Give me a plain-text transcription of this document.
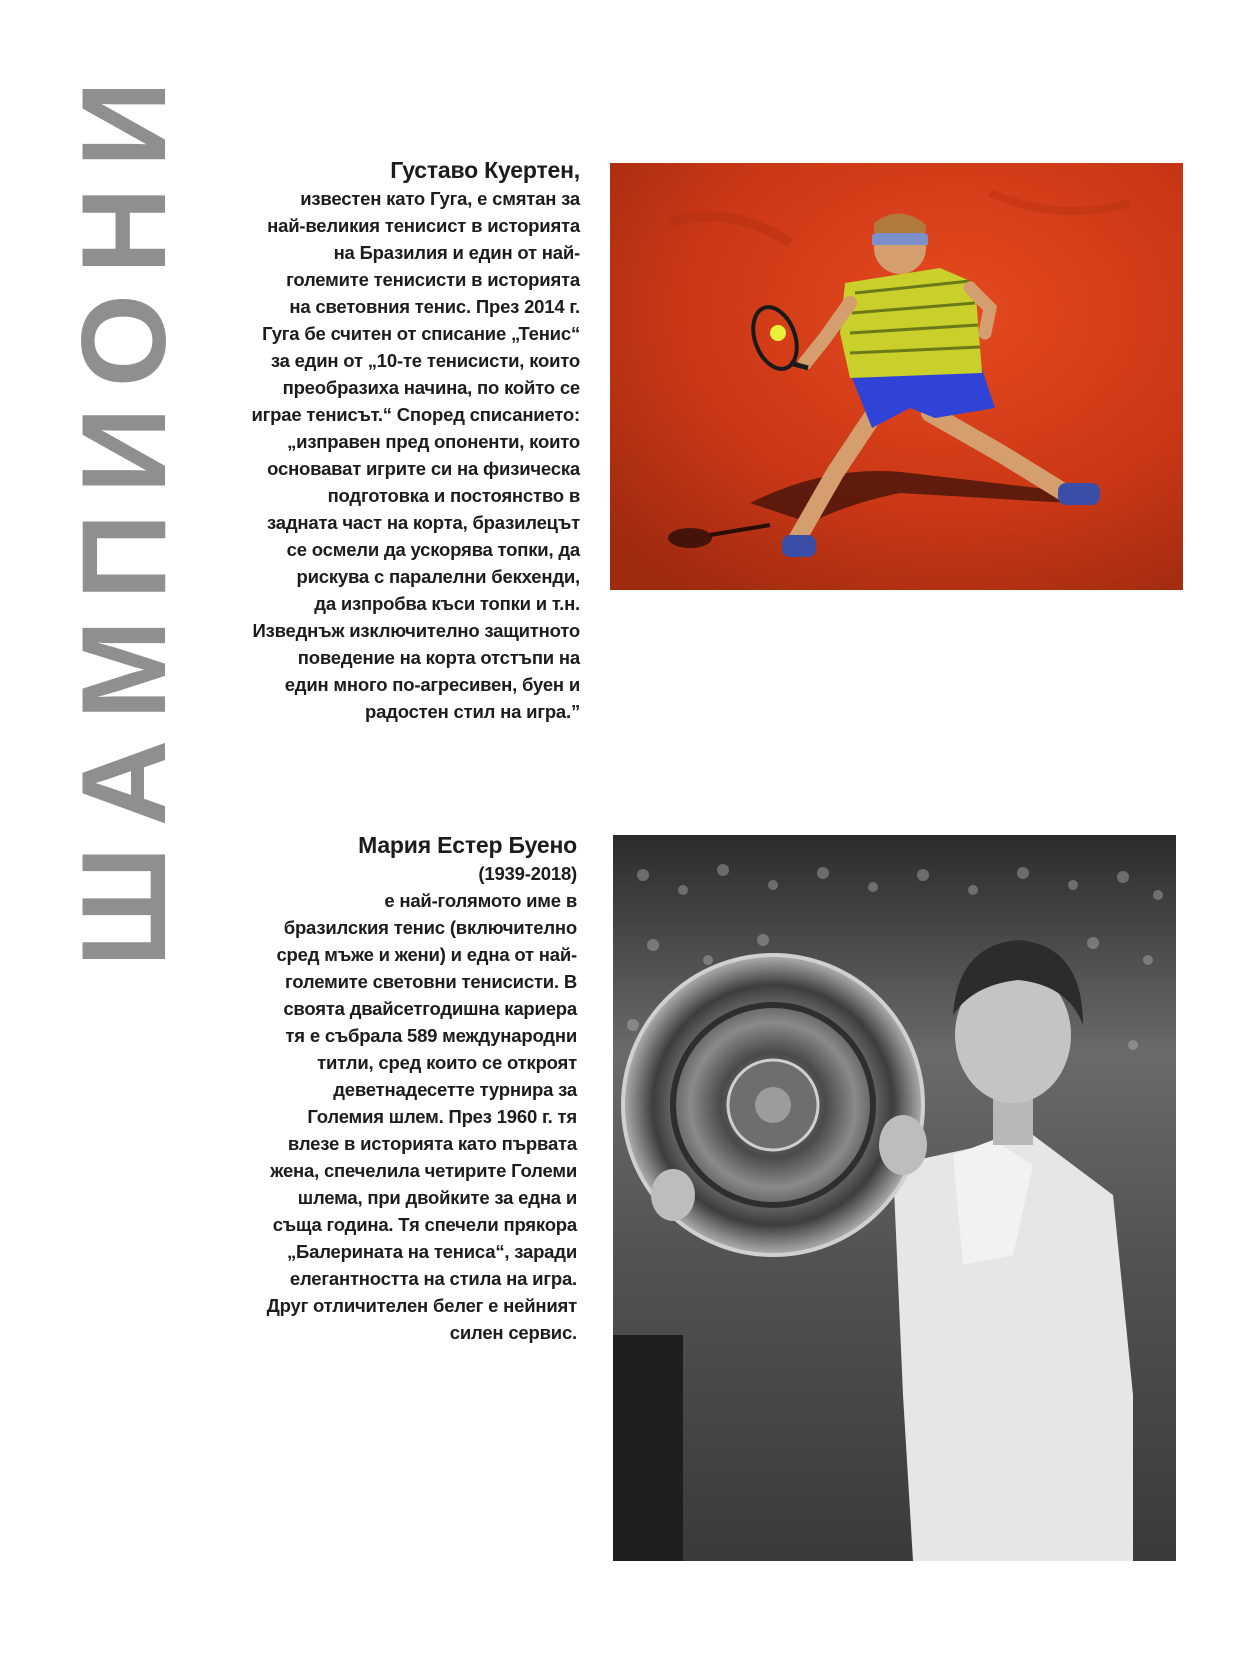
ШАМПИОНИ	Густаво Куертен,

известен като Гуга, е смятан за

най-великия тенисист в историята

на Бразилия и един от най-

големите тенисисти в историята

на световния тенис. През 2014 г.

Гуга бе считен от списание „Тенис“

за един от „10-те тенисисти, които

преобразиха начина, по който се

играе тенисът.“ Според списанието:

„изправен пред опоненти, които

основават игрите си на физическа

подготовка и постоянство в

задната част на корта, бразилецът

се осмели да ускорява топки, да

рискува с паралелни бекхенди,

да изпробва къси топки и т.н.

Изведнъж изключително защитното

поведение на корта отстъпи на

един много по-агресивен, буен и

радостен стил на игра.”

Мария Естер Буено

(1939-2018)

е най-голямото име в

бразилския тенис (включително

сред мъже и жени) и една от най-

големите световни тенисисти. В

своята двайсетгодишна кариера

тя е събрала 589 международни

титли, сред които се откроят

деветнадесетте турнира за

Големия шлем. През 1960 г. тя

влезе в историята като първата

жена, спечелила четирите Големи

шлема, при двойките за една и

съща година. Тя спечели прякора

„Балерината на тениса“, заради

елегантността на стила на игра.

Друг отличителен белег е нейният

силен сервис.
